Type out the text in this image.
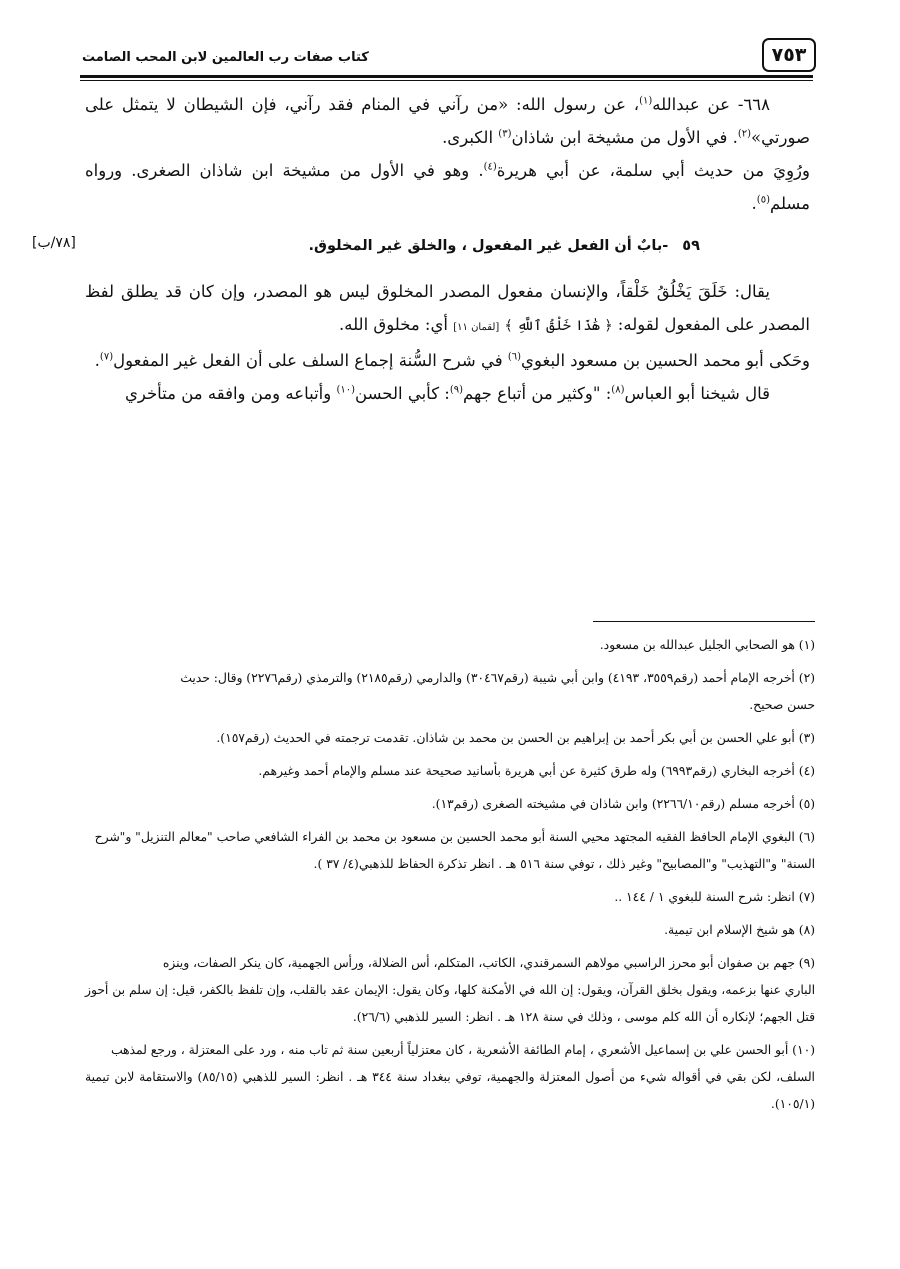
٧٥٣
كتاب صفات رب العالمين لابن المحب الصامت
[٧٨/ب]

٦٦٨- عن عبدالله$^{(١)}$، عن رسول الله: «من رآني في المنام فقد رآني، فإن الشيطان لا يتمثل على صورتي»$^{(٢)}$. في الأول من مشيخة ابن شاذان$^{(٣)}$ الكبرى.

ورُوِيَ من حديث أبي سلمة، عن أبي هريرة$^{(٤)}$. وهو في الأول من مشيخة ابن شاذان الصغرى. ورواه مسلم$^{(٥)}$.

٥٩
-بابٌ أن الفعل غير المفعول ، والخلق غير المخلوق.

يقال: خَلَقَ يَخْلُقُ خَلْقاً، والإنسان مفعول المصدر المخلوق ليس هو المصدر، وإن كان قد يطلق لفظ المصدر على المفعول لقوله: ﴿ هَٰذَا خَلْقُ ٱللَّهِ ﴾ [لقمان ١١] أي: مخلوق الله.

وحَكى أبو محمد الحسين بن مسعود البغوي$^{(٦)}$ في شرح السُّنة إجماع السلف على أن الفعل غير المفعول$^{(٧)}$.

قال شيخنا أبو العباس$^{(٨)}$: "وكثير من أتباع جهم$^{(٩)}$: كأبي الحسن$^{(١٠)}$ وأتباعه ومن وافقه من متأخري

(١) هو الصحابي الجليل عبدالله بن مسعود.

(٢) أخرجه الإمام أحمد (رقم٣٥٥٩، ٤١٩٣) وابن أبي شيبة (رقم٣٠٤٦٧) والدارمي (رقم٢١٨٥) والترمذي (رقم٢٢٧٦) وقال: حديث
حسن صحيح.

(٣) أبو علي الحسن بن أبي بكر أحمد بن إبراهيم بن الحسن بن محمد بن شاذان. تقدمت ترجمته في الحديث (رقم١٥٧).

(٤) أخرجه البخاري (رقم٦٩٩٣) وله طرق كثيرة عن أبي هريرة بأسانيد صحيحة عند مسلم والإمام أحمد وغيرهم.

(٥) أخرجه مسلم (رقم٢٢٦٦/١٠) وابن شاذان في مشيخته الصغرى (رقم١٣).

(٦) البغوي الإمام الحافظ الفقيه المجتهد محيي السنة أبو محمد الحسين بن مسعود بن محمد بن الفراء الشافعي صاحب "معالم التنزيل" و"شرح
السنة" و"التهذيب" و"المصابيح" وغير ذلك ، توفي سنة ٥١٦ هـ . انظر تذكرة الحفاظ للذهبي(٤/ ٣٧ ).

(٧) انظر: شرح السنة للبغوي ١ / ١٤٤ ..

(٨) هو شيخ الإسلام ابن تيمية.

(٩) جهم بن صفوان أبو محرز الراسبي مولاهم السمرقندي، الكاتب، المتكلم، أس الضلالة، ورأس الجهمية، كان ينكر الصفات، وينزه
الباري عنها بزعمه، ويقول بخلق القرآن، ويقول: إن الله في الأمكنة كلها، وكان يقول: الإيمان عقد بالقلب، وإن تلفظ بالكفر، قيل: إن سلم بن أحوز قتل الجهم؛ لإنكاره أن الله كلم موسى ، وذلك في سنة ١٢٨ هـ . انظر: السير للذهبي (٢٦/٦).

(١٠) أبو الحسن علي بن إسماعيل الأشعري ، إمام الطائفة الأشعرية ، كان معتزلياً أربعين سنة ثم تاب منه ، ورد على المعتزلة ، ورجع لمذهب
السلف، لكن بقي في أقواله شيء من أصول المعتزلة والجهمية، توفي ببغداد سنة ٣٤٤ هـ . انظر: السير للذهبي (٨٥/١٥) والاستقامة لابن تيمية (١٠٥/١).
